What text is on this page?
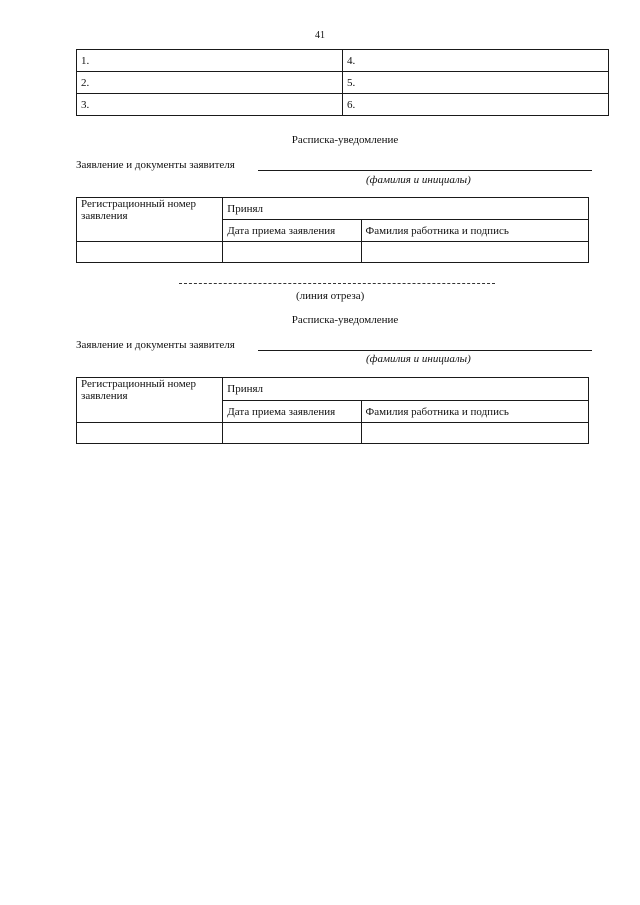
41
1.	4.
2.	5.
3.	6.
Расписка-уведомление
Заявление и документы заявителя
(фамилия и инициалы)
Регистрационный номер заявления	Принял	
	Дата приема заявления	Фамилия работника и подпись

(линия отреза)
Расписка-уведомление
Заявление и документы заявителя
(фамилия и инициалы)
Регистрационный номер заявления	Принял	
	Дата приема заявления	Фамилия работника и подпись
